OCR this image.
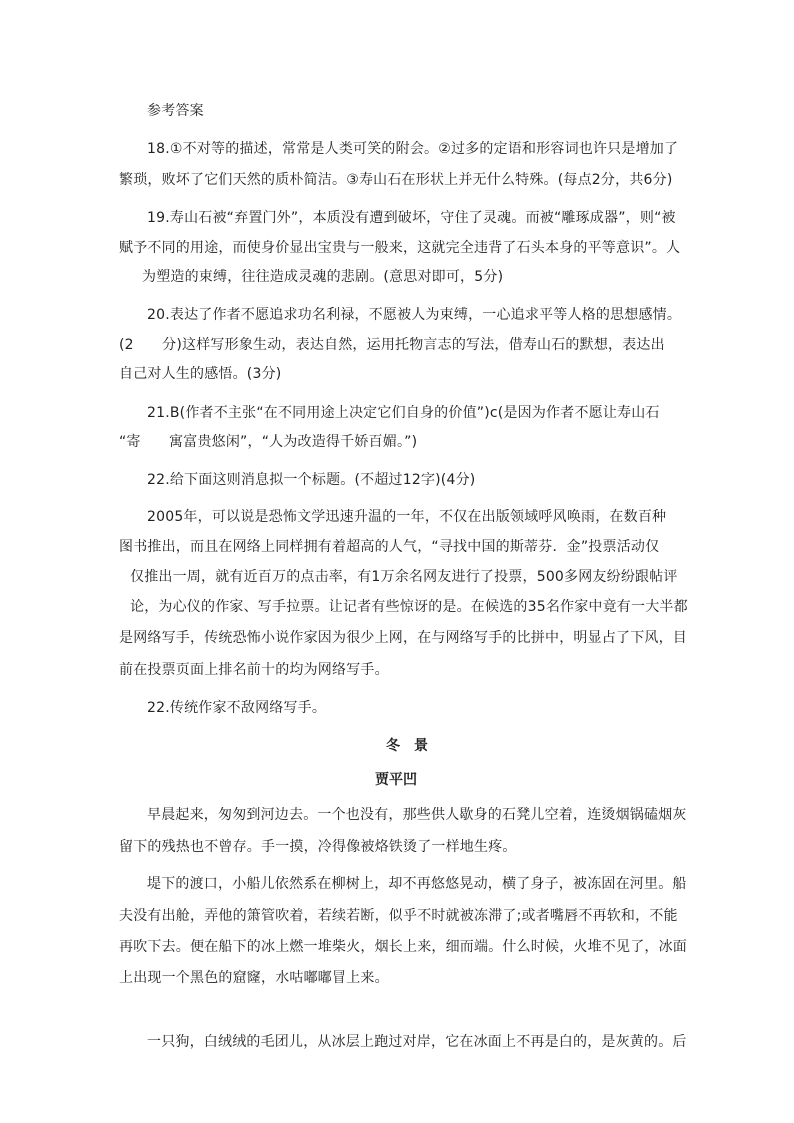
参考答案
18.①不对等的描述，常常是人类可笑的附会。②过多的定语和形容词也许只是增加了
繁琐，败坏了它们天然的质朴简洁。③寿山石在形状上并无什么特殊。(每点2分，共6分)
19.寿山石被“弃置门外”，本质没有遭到破坏，守住了灵魂。而被“雕琢成器”，则“被
赋予不同的用途，而使身价显出宝贵与一般来，这就完全违背了石头本身的平等意识”。人
为塑造的束缚，往往造成灵魂的悲剧。(意思对即可，5分)
20.表达了作者不愿追求功名利禄，不愿被人为束缚，一心追求平等人格的思想感情。
(2　　分)这样写形象生动，表达自然，运用托物言志的写法，借寿山石的默想，表达出
自己对人生的感悟。(3分)
21.B(作者不主张“在不同用途上决定它们自身的价值”)c(是因为作者不愿让寿山石
“寄　　寓富贵悠闲”，“人为改造得千娇百媚。”)
22.给下面这则消息拟一个标题。(不超过12字)(4分)
2005年，可以说是恐怖文学迅速升温的一年，不仅在出版领域呼风唤雨，在数百种
图书推出，而且在网络上同样拥有着超高的人气，“寻找中国的斯蒂芬．金”投票活动仅
仅推出一周，就有近百万的点击率，有1万余名网友进行了投票，500多网友纷纷跟帖评
论，为心仪的作家、写手拉票。让记者有些惊讶的是。在候选的35名作家中竟有一大半都
是网络写手，传统恐怖小说作家因为很少上网，在与网络写手的比拼中，明显占了下风，目
前在投票页面上排名前十的均为网络写手。
22.传统作家不敌网络写手。
冬　景
贾平凹
早晨起来，匆匆到河边去。一个也没有，那些供人歇身的石凳儿空着，连烫烟锅磕烟灰
留下的残热也不曾存。手一摸，冷得像被烙铁烫了一样地生疼。
堤下的渡口，小船儿依然系在柳树上，却不再悠悠晃动，横了身子，被冻固在河里。船
夫没有出舱，弄他的箫管吹着，若续若断，似乎不时就被冻滞了;或者嘴唇不再软和，不能
再吹下去。便在船下的冰上燃一堆柴火，烟长上来，细而端。什么时候，火堆不见了，冰面
上出现一个黑色的窟窿，水咕嘟嘟冒上来。
一只狗，白绒绒的毛团儿，从冰层上跑过对岸，它在冰面上不再是白的，是灰黄的。后
